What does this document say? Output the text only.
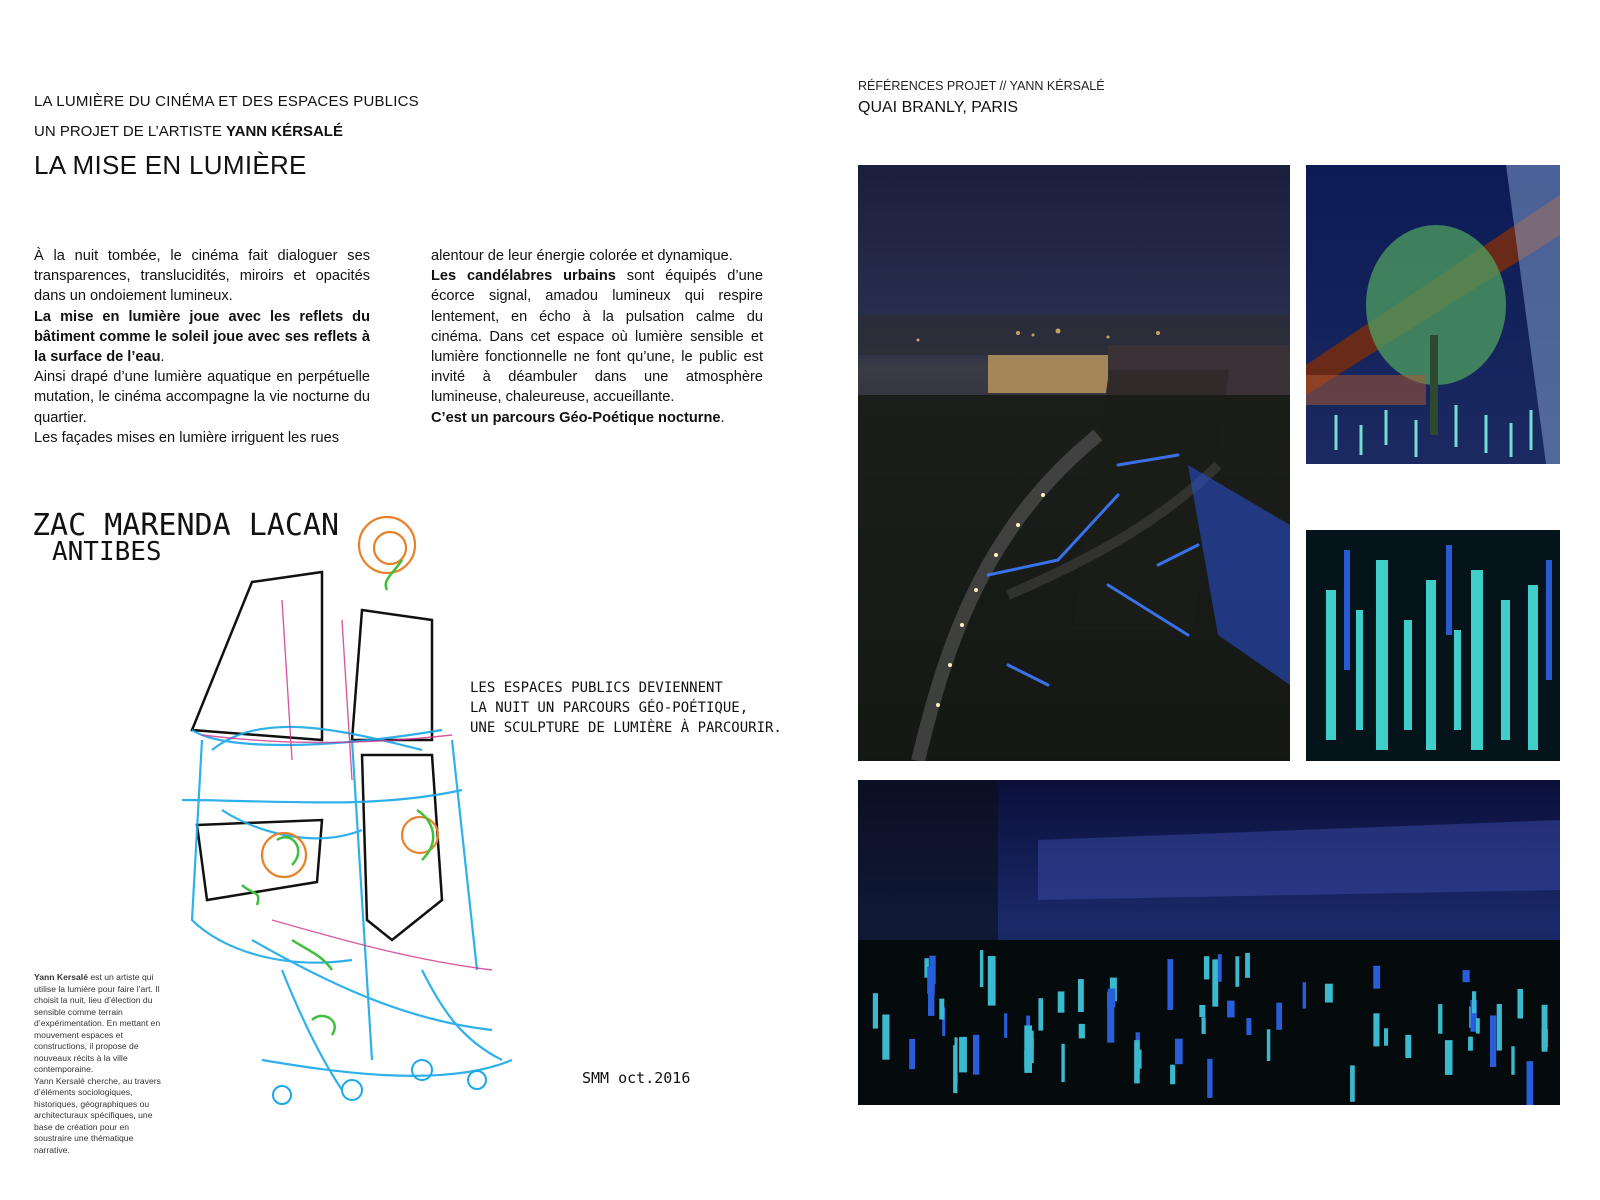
LA LUMIÈRE DU CINÉMA ET DES ESPACES PUBLICS
UN PROJET DE L’ARTISTE YANN KÉRSALÉ
LA MISE EN LUMIÈRE

À la nuit tombée, le cinéma fait dialoguer ses transparences, translucidités, miroirs et opacités dans un ondoiement lumineux.

La mise en lumière joue avec les reflets du bâtiment comme le soleil joue avec ses reflets à la surface de l’eau.

Ainsi drapé d’une lumière aquatique en perpétuelle mutation, le cinéma accompagne la vie nocturne du quartier.

Les façades mises en lumière irriguent les rues

alentour de leur énergie colorée et dynamique.

Les candélabres urbains sont équipés d’une écorce signal, amadou lumineux qui respire lentement, en écho à la pulsation calme du cinéma. Dans cet espace où lumière sensible et lumière fonctionnelle ne font qu’une, le public est invité à déambuler dans une atmosphère lumineuse, chaleureuse, accueillante.

C’est un parcours Géo-Poétique nocturne.

RÉFÉRENCES PROJET // YANN KÉRSALÉ
QUAI BRANLY, PARIS
ZAC MARENDA LACAN
ANTIBES
LES ESPACES PUBLICS DEVIENNENT
LA NUIT UN PARCOURS GÉO-POÉTIQUE,
UNE SCULPTURE DE LUMIÈRE À PARCOURIR.
SMM oct.2016
Yann Kersalé est un artiste qui utilise la lumière pour faire l’art. Il choisit la nuit, lieu d’élection du sensible comme terrain d’expérimentation. En mettant en mouvement espaces et constructions, il propose de nouveaux récits à la ville contemporaine.
Yann Kersalé cherche, au travers d’éléments sociologiques, historiques, géographiques ou architecturaux spécifiques, une base de création pour en soustraire une thématique narrative.
